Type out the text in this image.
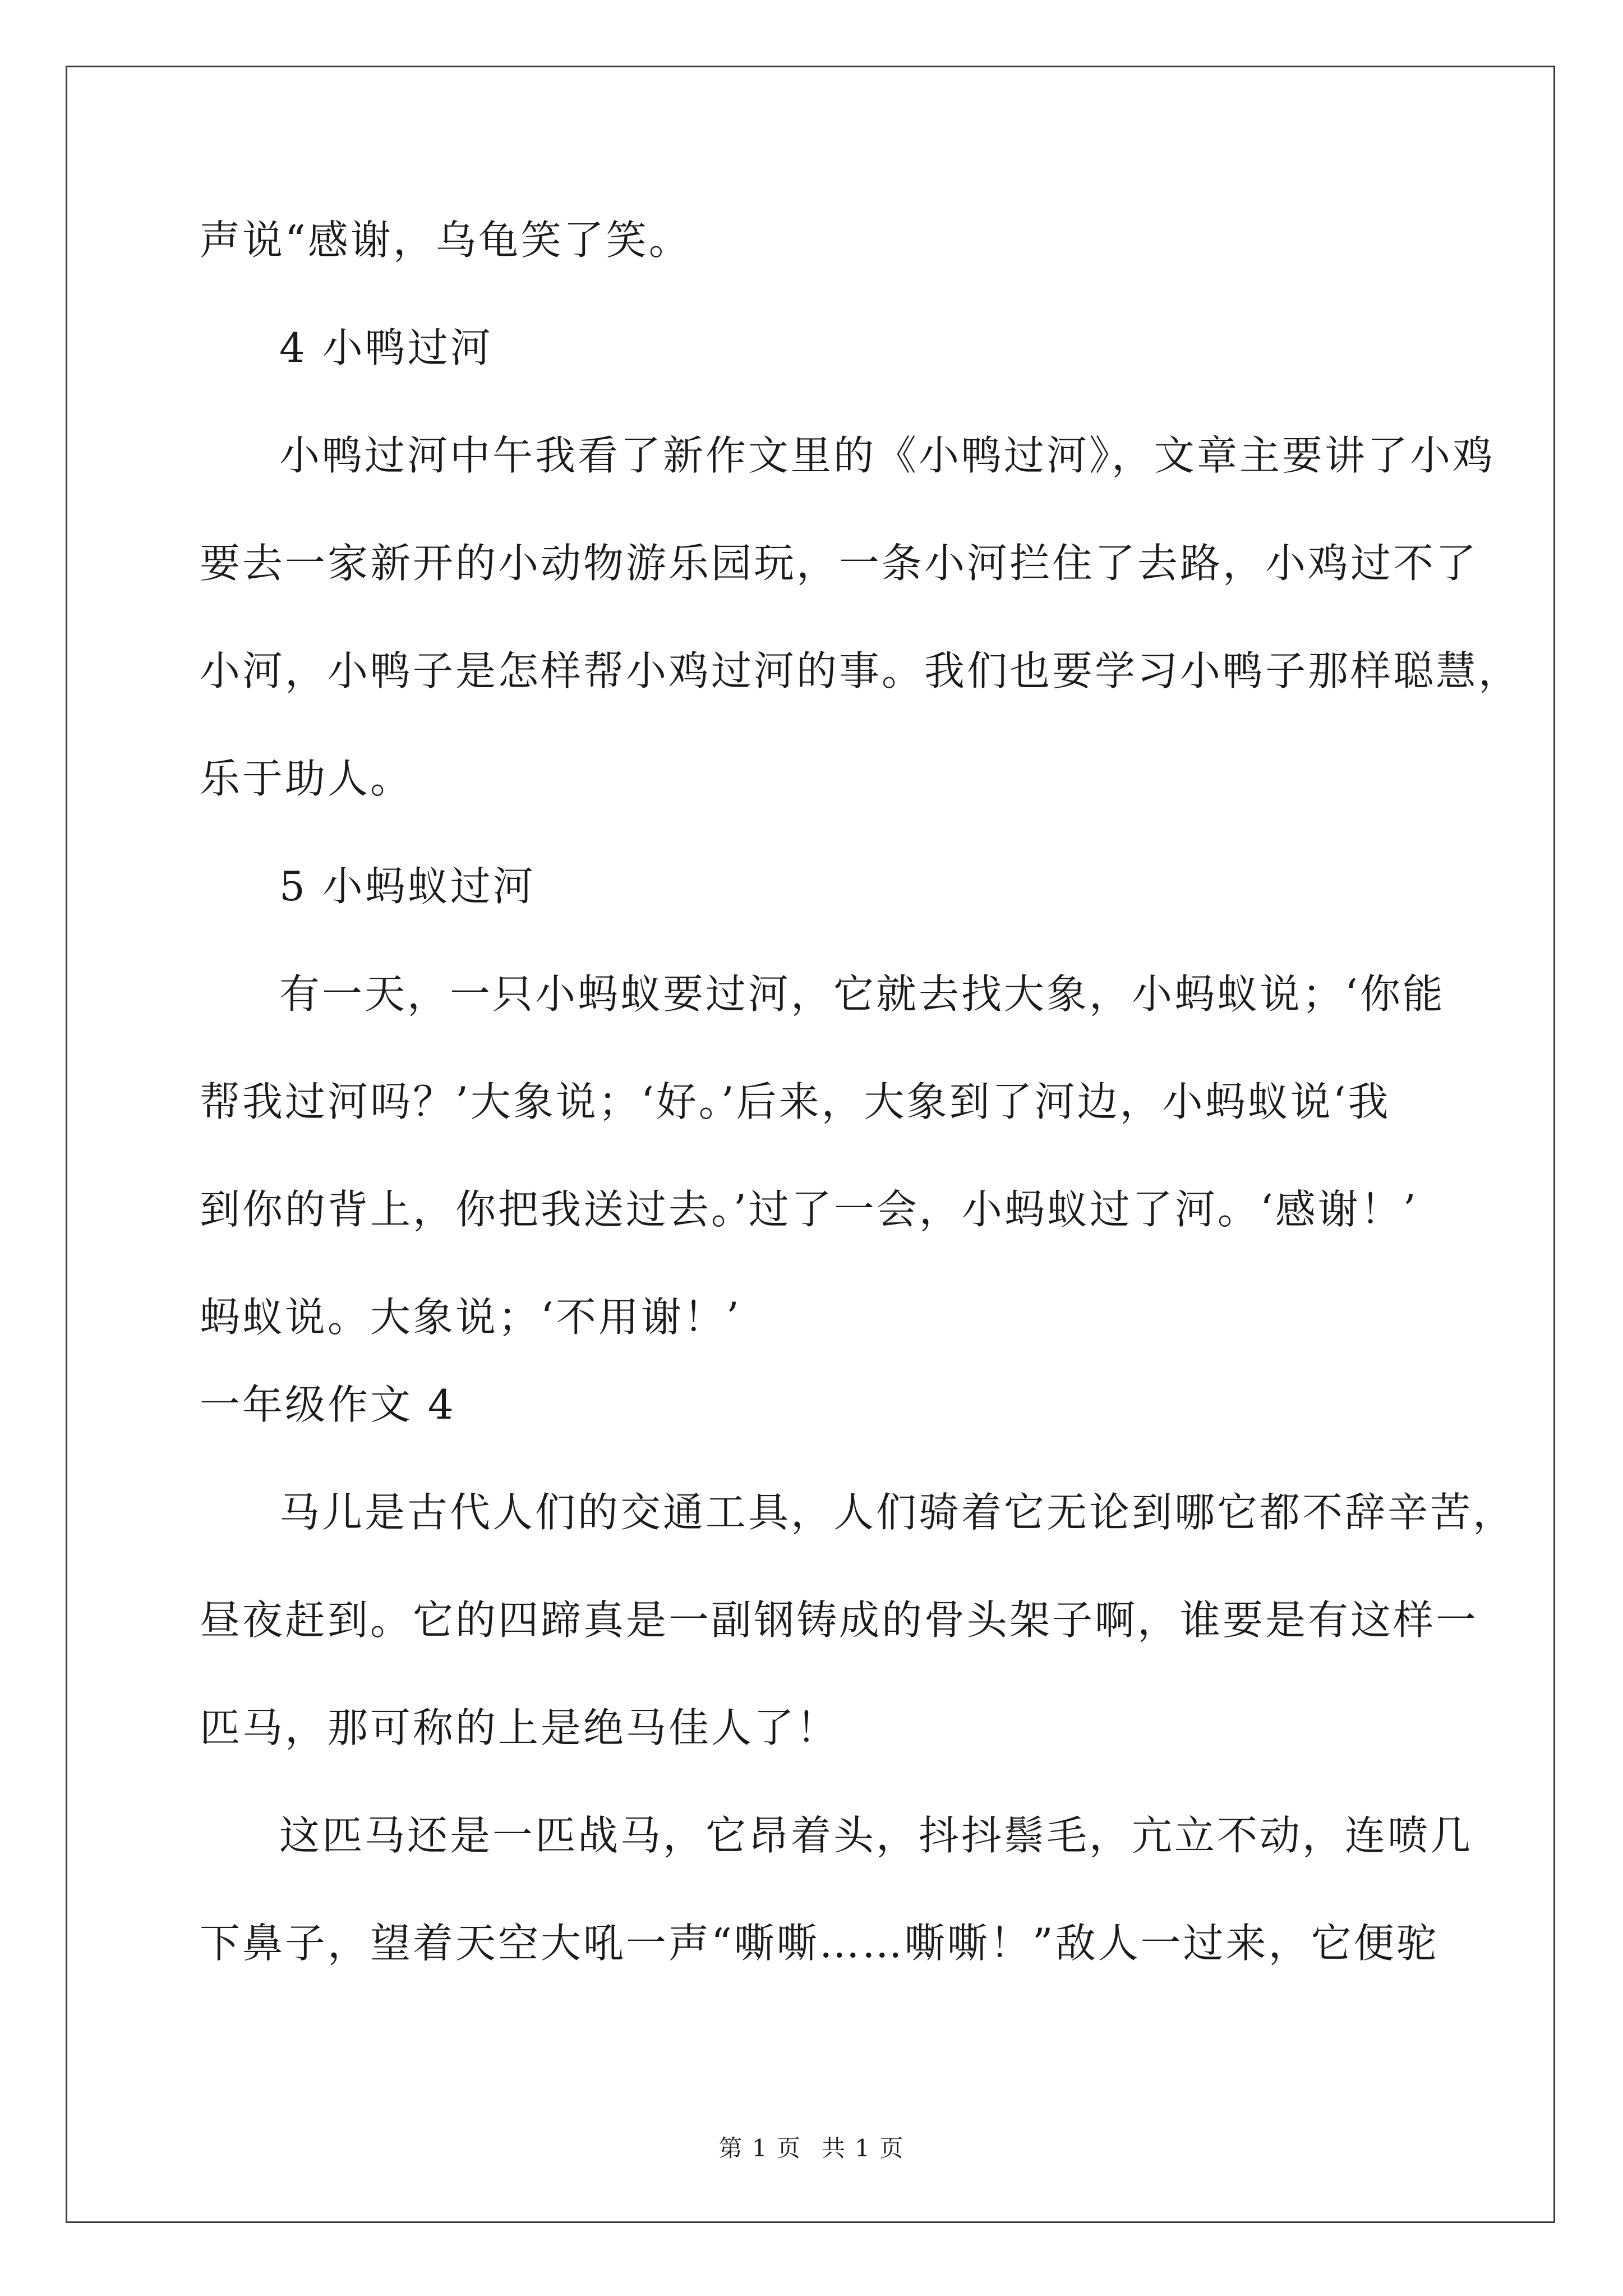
声说“感谢，乌龟笑了笑。
4 小鸭过河
小鸭过河中午我看了新作文里的《小鸭过河》，文章主要讲了小鸡
要去一家新开的小动物游乐园玩，一条小河拦住了去路，小鸡过不了
小河，小鸭子是怎样帮小鸡过河的事。我们也要学习小鸭子那样聪慧，
乐于助人。
5 小蚂蚁过河
有一天，一只小蚂蚁要过河，它就去找大象，小蚂蚁说；‘你能
帮我过河吗？’大象说；‘好。’后来，大象到了河边，小蚂蚁说‘我
到你的背上，你把我送过去。’过了一会，小蚂蚁过了河。‘感谢！’
蚂蚁说。大象说；‘不用谢！’
一年级作文 4
马儿是古代人们的交通工具，人们骑着它无论到哪它都不辞辛苦，
昼夜赶到。它的四蹄真是一副钢铸成的骨头架子啊，谁要是有这样一
匹马，那可称的上是绝马佳人了！
这匹马还是一匹战马，它昂着头，抖抖鬃毛，亢立不动，连喷几
下鼻子，望着天空大吼一声“嘶嘶……嘶嘶！”敌人一过来，它便驼
第 1 页 共 1 页
